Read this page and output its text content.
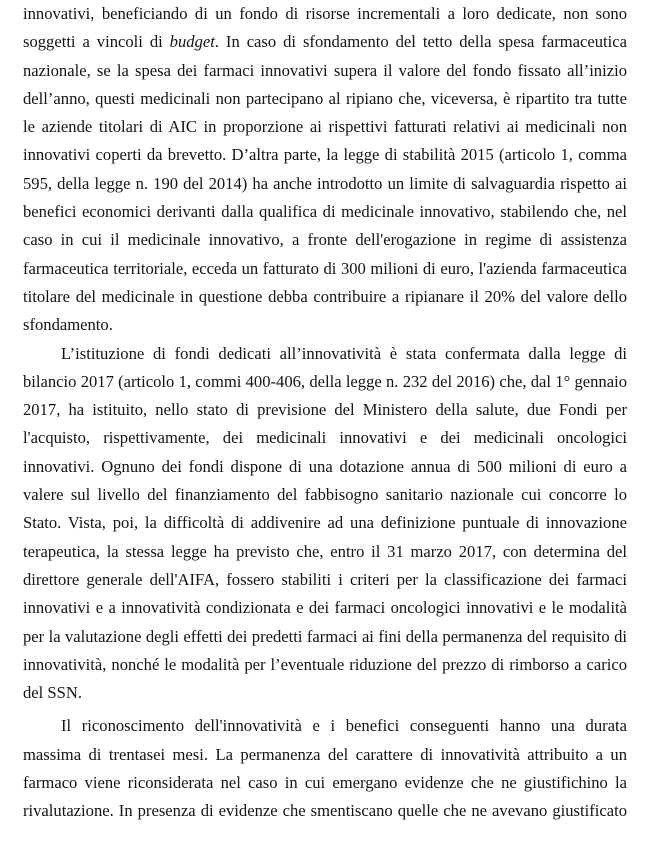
innovativi, beneficiando di un fondo di risorse incrementali a loro dedicate, non sono
soggetti a vincoli di budget. In caso di sfondamento del tetto della spesa farmaceutica
nazionale, se la spesa dei farmaci innovativi supera il valore del fondo fissato all’inizio
dell’anno, questi medicinali non partecipano al ripiano che, viceversa, è ripartito tra tutte
le aziende titolari di AIC in proporzione ai rispettivi fatturati relativi ai medicinali non
innovativi coperti da brevetto. D’altra parte, la legge di stabilità 2015 (articolo 1, comma
595, della legge n. 190 del 2014) ha anche introdotto un limite di salvaguardia rispetto ai
benefici economici derivanti dalla qualifica di medicinale innovativo, stabilendo che, nel
caso in cui il medicinale innovativo, a fronte dell'erogazione in regime di assistenza
farmaceutica territoriale, ecceda un fatturato di 300 milioni di euro, l'azienda farmaceutica
titolare del medicinale in questione debba contribuire a ripianare il 20% del valore dello
sfondamento.
L’istituzione di fondi dedicati all’innovatività è stata confermata dalla legge di
bilancio 2017 (articolo 1, commi 400-406, della legge n. 232 del 2016) che, dal 1° gennaio
2017, ha istituito, nello stato di previsione del Ministero della salute, due Fondi per
l'acquisto, rispettivamente, dei medicinali innovativi e dei medicinali oncologici
innovativi. Ognuno dei fondi dispone di una dotazione annua di 500 milioni di euro a
valere sul livello del finanziamento del fabbisogno sanitario nazionale cui concorre lo
Stato. Vista, poi, la difficoltà di addivenire ad una definizione puntuale di innovazione
terapeutica, la stessa legge ha previsto che, entro il 31 marzo 2017, con determina del
direttore generale dell'AIFA, fossero stabiliti i criteri per la classificazione dei farmaci
innovativi e a innovatività condizionata e dei farmaci oncologici innovativi e le modalità
per la valutazione degli effetti dei predetti farmaci ai fini della permanenza del requisito di
innovatività, nonché le modalità per l’eventuale riduzione del prezzo di rimborso a carico
del SSN.
Il riconoscimento dell'innovatività e i benefici conseguenti hanno una durata
massima di trentasei mesi. La permanenza del carattere di innovatività attribuito a un
farmaco viene riconsiderata nel caso in cui emergano evidenze che ne giustifichino la
rivalutazione. In presenza di evidenze che smentiscano quelle che ne avevano giustificato
